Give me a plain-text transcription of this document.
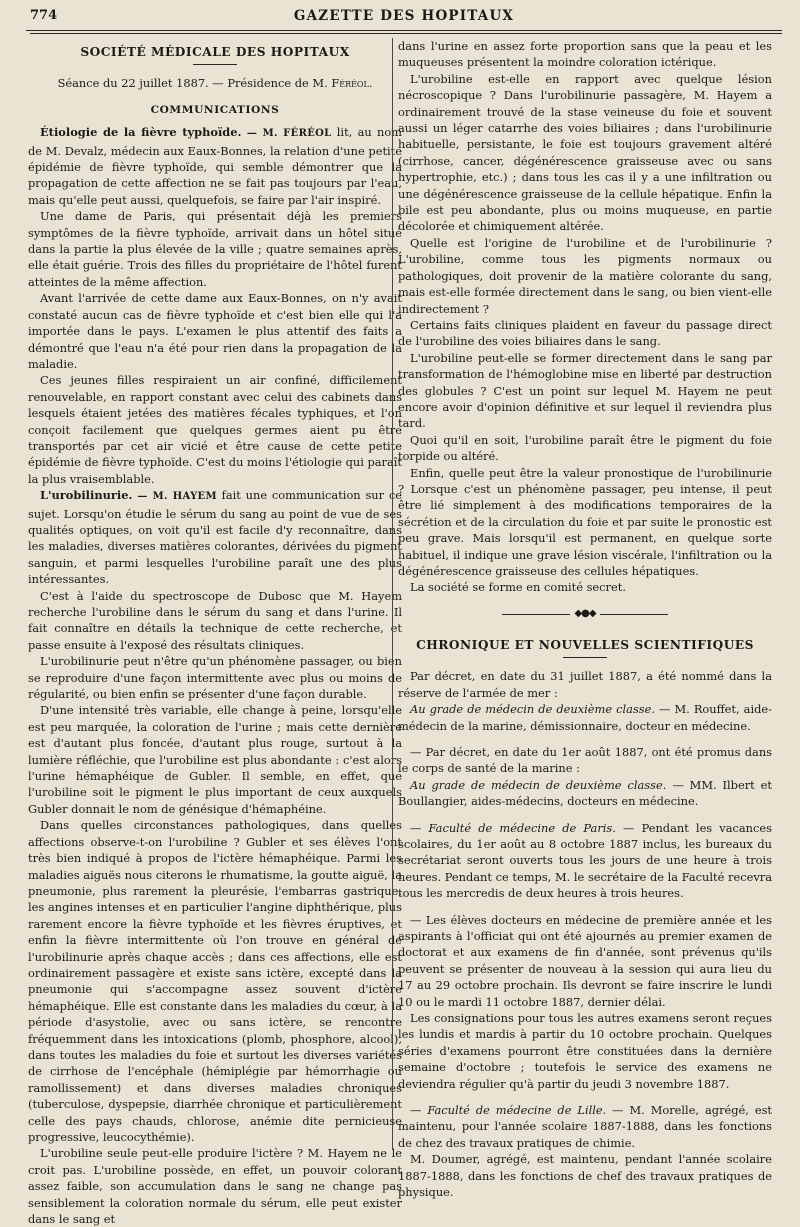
774	GAZETTE DES HOPITAUX
SOCIÉTÉ MÉDICALE DES HOPITAUX

Séance du 22 juillet 1887. — Présidence de M. Féréol.

COMMUNICATIONS

Étiologie de la fièvre typhoïde. — M. FÉRÉOL lit, au nom de M. Devalz, médecin aux Eaux-Bonnes, la relation d'une petite épidémie de fièvre typhoïde, qui semble démontrer que la propagation de cette affection ne se fait pas toujours par l'eau, mais qu'elle peut aussi, quelquefois, se faire par l'air inspiré.

Une dame de Paris, qui présentait déjà les premiers symptômes de la fièvre typhoïde, arrivait dans un hôtel situé dans la partie la plus élevée de la ville ; quatre semaines après, elle était guérie. Trois des filles du propriétaire de l'hôtel furent atteintes de la même affection.

Avant l'arrivée de cette dame aux Eaux-Bonnes, on n'y avait constaté aucun cas de fièvre typhoïde et c'est bien elle qui l'a importée dans le pays. L'examen le plus attentif des faits a démontré que l'eau n'a été pour rien dans la propagation de la maladie.

Ces jeunes filles respiraient un air confiné, difficilement renouvelable, en rapport constant avec celui des cabinets dans lesquels étaient jetées des matières fécales typhiques, et l'on conçoit facilement que quelques germes aient pu être transportés par cet air vicié et être cause de cette petite épidémie de fièvre typhoïde. C'est du moins l'étiologie qui paraît la plus vraisemblable.

L'urobilinurie. — M. HAYEM fait une communication sur ce sujet. Lorsqu'on étudie le sérum du sang au point de vue de ses qualités optiques, on voit qu'il est facile d'y reconnaître, dans les maladies, diverses matières colorantes, dérivées du pigment sanguin, et parmi lesquelles l'urobiline paraît une des plus intéressantes.

C'est à l'aide du spectroscope de Dubosc que M. Hayem recherche l'urobiline dans le sérum du sang et dans l'urine. Il fait connaître en détails la technique de cette recherche, et passe ensuite à l'exposé des résultats cliniques.

L'urobilinurie peut n'être qu'un phénomène passager, ou bien se reproduire d'une façon intermittente avec plus ou moins de régularité, ou bien enfin se présenter d'une façon durable.

D'une intensité très variable, elle change à peine, lorsqu'elle est peu marquée, la coloration de l'urine ; mais cette dernière est d'autant plus foncée, d'autant plus rouge, surtout à la lumière réfléchie, que l'urobiline est plus abondante : c'est alors l'urine hémaphéique de Gubler. Il semble, en effet, que l'urobiline soit le pigment le plus important de ceux auxquels Gubler donnait le nom de génésique d'hémaphéine.

Dans quelles circonstances pathologiques, dans quelles affections observe-t-on l'urobiline ? Gubler et ses élèves l'ont très bien indiqué à propos de l'ictère hémaphéique. Parmi les maladies aiguës nous citerons le rhumatisme, la goutte aiguë, la pneumonie, plus rarement la pleurésie, l'embarras gastrique, les angines intenses et en particulier l'angine diphthérique, plus rarement encore la fièvre typhoïde et les fièvres éruptives, et enfin la fièvre intermittente où l'on trouve en général de l'urobilinurie après chaque accès ; dans ces affections, elle est ordinairement passagère et existe sans ictère, excepté dans la pneumonie qui s'accompagne assez souvent d'ictère hémaphéique. Elle est constante dans les maladies du cœur, à la période d'asystolie, avec ou sans ictère, se rencontre fréquemment dans les intoxications (plomb, phosphore, alcool), dans toutes les maladies du foie et surtout les diverses variétés de cirrhose de l'encéphale (hémiplégie par hémorrhagie ou ramollissement) et dans diverses maladies chroniques (tuberculose, dyspepsie, diarrhée chronique et particulièrement celle des pays chauds, chlorose, anémie dite pernicieuse progressive, leucocythémie).

L'urobiline seule peut-elle produire l'ictère ? M. Hayem ne le croit pas. L'urobiline possède, en effet, un pouvoir colorant assez faible, son accumulation dans le sang ne change pas sensiblement la coloration normale du sérum, elle peut exister dans le sang et

dans l'urine en assez forte proportion sans que la peau et les muqueuses présentent la moindre coloration ictérique.

L'urobiline est-elle en rapport avec quelque lésion nécroscopique ? Dans l'urobilinurie passagère, M. Hayem a ordinairement trouvé de la stase veineuse du foie et souvent aussi un léger catarrhe des voies biliaires ; dans l'urobilinurie habituelle, persistante, le foie est toujours gravement altéré (cirrhose, cancer, dégénérescence graisseuse avec ou sans hypertrophie, etc.) ; dans tous les cas il y a une infiltration ou une dégénérescence graisseuse de la cellule hépatique. Enfin la bile est peu abondante, plus ou moins muqueuse, en partie décolorée et chimiquement altérée.

Quelle est l'origine de l'urobiline et de l'urobilinurie ? L'urobiline, comme tous les pigments normaux ou pathologiques, doit provenir de la matière colorante du sang, mais est-elle formée directement dans le sang, ou bien vient-elle indirectement ?

Certains faits cliniques plaident en faveur du passage direct de l'urobiline des voies biliaires dans le sang.

L'urobiline peut-elle se former directement dans le sang par transformation de l'hémoglobine mise en liberté par destruction des globules ? C'est un point sur lequel M. Hayem ne peut encore avoir d'opinion définitive et sur lequel il reviendra plus tard.

Quoi qu'il en soit, l'urobiline paraît être le pigment du foie torpide ou altéré.

Enfin, quelle peut être la valeur pronostique de l'urobilinurie ? Lorsque c'est un phénomène passager, peu intense, il peut être lié simplement à des modifications temporaires de la sécrétion et de la circulation du foie et par suite le pronostic est peu grave. Mais lorsqu'il est permanent, en quelque sorte habituel, il indique une grave lésion viscérale, l'infiltration ou la dégénérescence graisseuse des cellules hépatiques.

La société se forme en comité secret.

◆●◆
CHRONIQUE ET NOUVELLES SCIENTIFIQUES

Par décret, en date du 31 juillet 1887, a été nommé dans la réserve de l'armée de mer :

Au grade de médecin de deuxième classe. — M. Rouffet, aide-médecin de la marine, démissionnaire, docteur en médecine.

— Par décret, en date du 1er août 1887, ont été promus dans le corps de santé de la marine :

Au grade de médecin de deuxième classe. — MM. Ilbert et Boullangier, aides-médecins, docteurs en médecine.

— Faculté de médecine de Paris. — Pendant les vacances scolaires, du 1er août au 8 octobre 1887 inclus, les bureaux du secrétariat seront ouverts tous les jours de une heure à trois heures. Pendant ce temps, M. le secrétaire de la Faculté recevra tous les mercredis de deux heures à trois heures.

— Les élèves docteurs en médecine de première année et les aspirants à l'officiat qui ont été ajournés au premier examen de doctorat et aux examens de fin d'année, sont prévenus qu'ils peuvent se présenter de nouveau à la session qui aura lieu du 17 au 29 octobre prochain. Ils devront se faire inscrire le lundi 10 ou le mardi 11 octobre 1887, dernier délai.

Les consignations pour tous les autres examens seront reçues les lundis et mardis à partir du 10 octobre prochain. Quelques séries d'examens pourront être constituées dans la dernière semaine d'octobre ; toutefois le service des examens ne deviendra régulier qu'à partir du jeudi 3 novembre 1887.

— Faculté de médecine de Lille. — M. Morelle, agrégé, est maintenu, pour l'année scolaire 1887-1888, dans les fonctions de chez des travaux pratiques de chimie.

M. Doumer, agrégé, est maintenu, pendant l'année scolaire 1887-1888, dans les fonctions de chef des travaux pratiques de physique.
